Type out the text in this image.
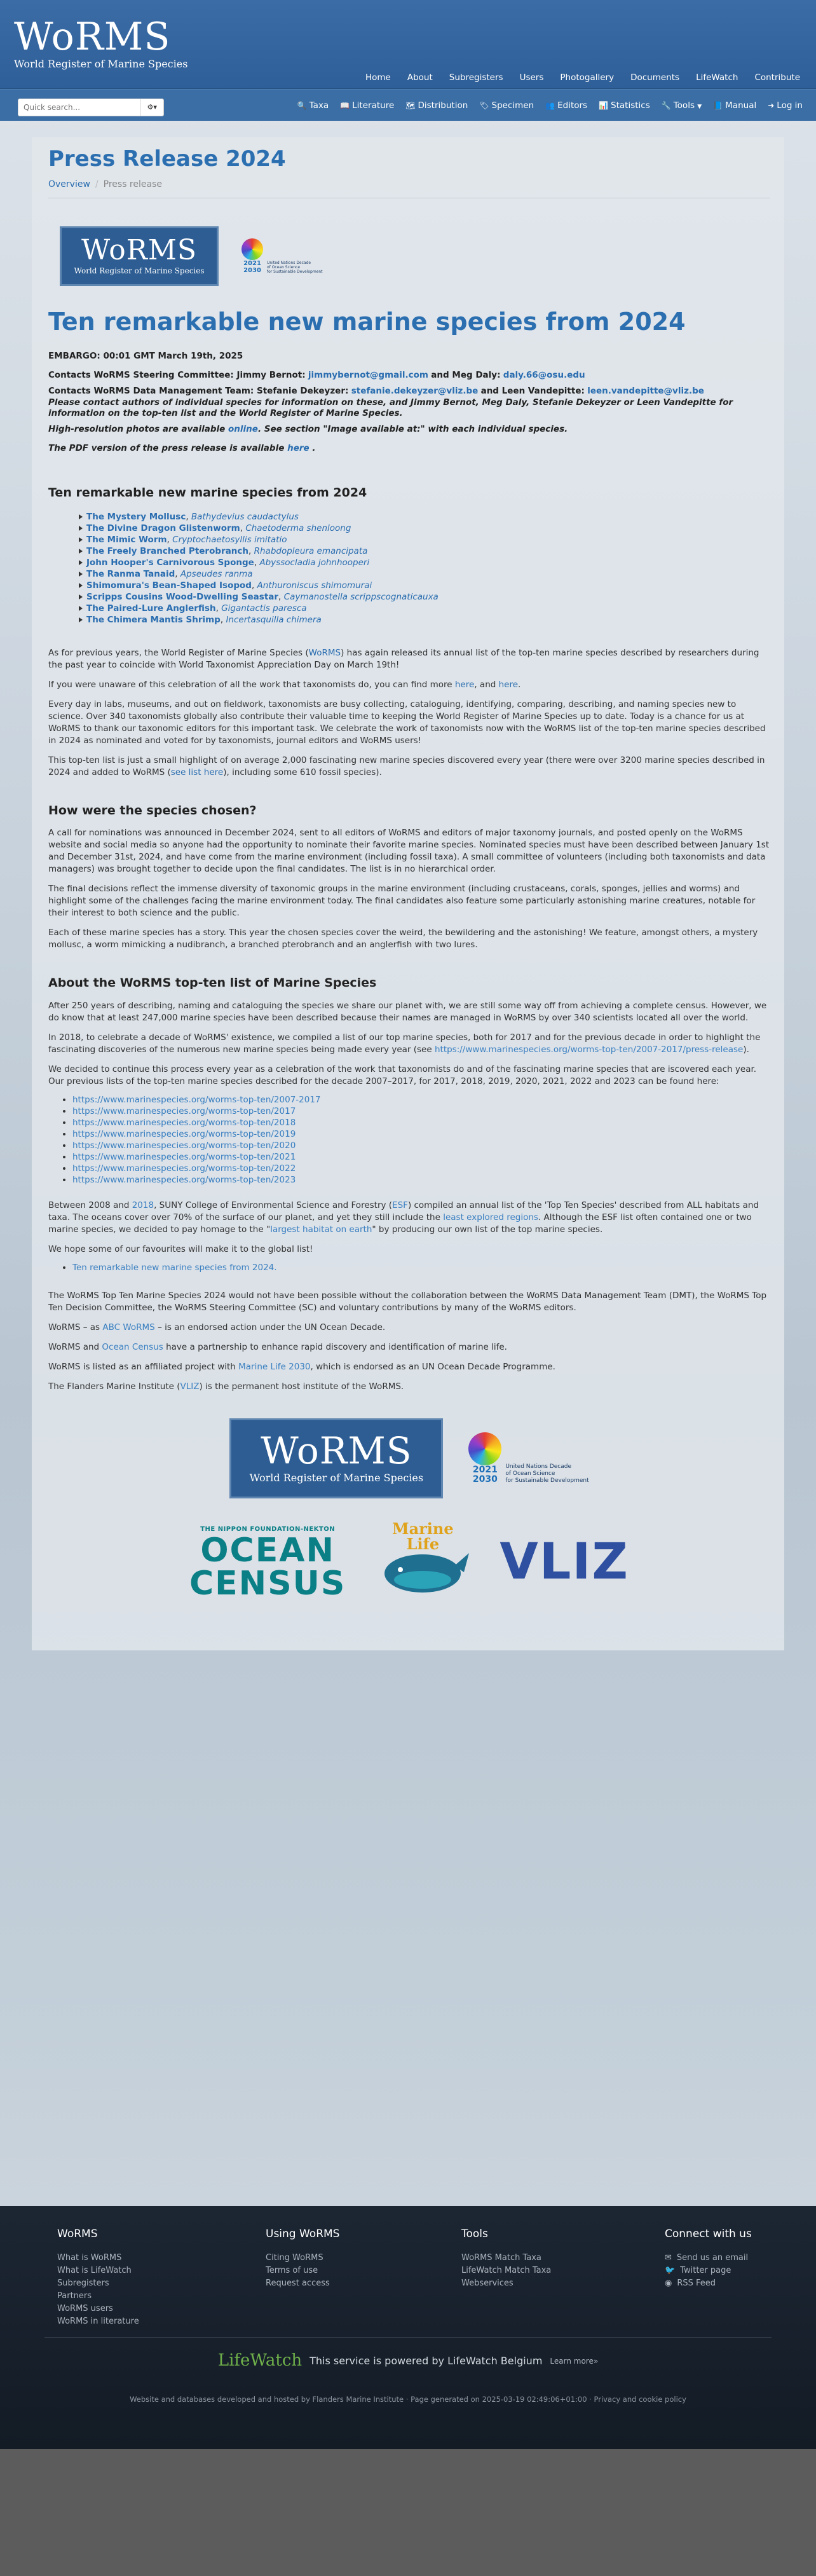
WoRMS
World Register of Marine Species
Home	About	Subregisters	Users	Photogallery	Documents	LifeWatch	Contribute
Quick search...
⚙▾	🔍 Taxa	📖 Literature	🗺 Distribution	🏷 Specimen	👥 Editors	📊 Statistics	🔧 Tools ▼	📘 Manual	➜ Log in
Press Release 2024
Overview / Press release
WoRMS
World Register of Marine Species
2021
2030
United Nations Decade
of Ocean Science
for Sustainable Development
Ten remarkable new marine species from 2024

EMBARGO: 00:01 GMT March 19th, 2025

Contacts WoRMS Steering Committee: Jimmy Bernot: jimmybernot@gmail.com and Meg Daly: daly.66@osu.edu

Contacts WoRMS Data Management Team: Stefanie Dekeyzer: stefanie.dekeyzer@vliz.be and Leen Vandepitte: leen.vandepitte@vliz.be

Please contact authors of individual species for information on these, and Jimmy Bernot, Meg Daly, Stefanie Dekeyzer or Leen Vandepitte for information on the top-ten list and the World Register of Marine Species.

High-resolution photos are available online. See section "Image available at:" with each individual species.

The PDF version of the press release is available here .

Ten remarkable new marine species from 2024
The Mystery Mollusc, Bathydevius caudactylus
The Divine Dragon Glistenworm, Chaetoderma shenloong
The Mimic Worm, Cryptochaetosyllis imitatio
The Freely Branched Pterobranch, Rhabdopleura emancipata
John Hooper's Carnivorous Sponge, Abyssocladia johnhooperi
The Ranma Tanaid, Apseudes ranma
Shimomura's Bean-Shaped Isopod, Anthuroniscus shimomurai
Scripps Cousins Wood-Dwelling Seastar, Caymanostella scrippscognaticauxa
The Paired-Lure Anglerfish, Gigantactis paresca
The Chimera Mantis Shrimp, Incertasquilla chimera

As for previous years, the World Register of Marine Species (WoRMS) has again released its annual list of the top-ten marine species described by researchers during the past year to coincide with World Taxonomist Appreciation Day on March 19th!

If you were unaware of this celebration of all the work that taxonomists do, you can find more here, and here.

Every day in labs, museums, and out on fieldwork, taxonomists are busy collecting, cataloguing, identifying, comparing, describing, and naming species new to science. Over 340 taxonomists globally also contribute their valuable time to keeping the World Register of Marine Species up to date. Today is a chance for us at WoRMS to thank our taxonomic editors for this important task. We celebrate the work of taxonomists now with the WoRMS list of the top-ten marine species described in 2024 as nominated and voted for by taxonomists, journal editors and WoRMS users!

This top-ten list is just a small highlight of on average 2,000 fascinating new marine species discovered every year (there were over 3200 marine species described in 2024 and added to WoRMS (see list here), including some 610 fossil species).

How were the species chosen?

A call for nominations was announced in December 2024, sent to all editors of WoRMS and editors of major taxonomy journals, and posted openly on the WoRMS website and social media so anyone had the opportunity to nominate their favorite marine species. Nominated species must have been described between January 1st and December 31st, 2024, and have come from the marine environment (including fossil taxa). A small committee of volunteers (including both taxonomists and data managers) was brought together to decide upon the final candidates. The list is in no hierarchical order.

The final decisions reflect the immense diversity of taxonomic groups in the marine environment (including crustaceans, corals, sponges, jellies and worms) and highlight some of the challenges facing the marine environment today. The final candidates also feature some particularly astonishing marine creatures, notable for their interest to both science and the public.

Each of these marine species has a story. This year the chosen species cover the weird, the bewildering and the astonishing! We feature, amongst others, a mystery mollusc, a worm mimicking a nudibranch, a branched pterobranch and an anglerfish with two lures.

About the WoRMS top-ten list of Marine Species

After 250 years of describing, naming and cataloguing the species we share our planet with, we are still some way off from achieving a complete census. However, we do know that at least 247,000 marine species have been described because their names are managed in WoRMS by over 340 scientists located all over the world.

In 2018, to celebrate a decade of WoRMS' existence, we compiled a list of our top marine species, both for 2017 and for the previous decade in order to highlight the fascinating discoveries of the numerous new marine species being made every year (see https://www.marinespecies.org/worms-top-ten/2007-2017/press-release).

We decided to continue this process every year as a celebration of the work that taxonomists do and of the fascinating marine species that are iscovered each year. Our previous lists of the top-ten marine species described for the decade 2007–2017, for 2017, 2018, 2019, 2020, 2021, 2022 and 2023 can be found here:

• https://www.marinespecies.org/worms-top-ten/2007-2017
• https://www.marinespecies.org/worms-top-ten/2017
• https://www.marinespecies.org/worms-top-ten/2018
• https://www.marinespecies.org/worms-top-ten/2019
• https://www.marinespecies.org/worms-top-ten/2020
• https://www.marinespecies.org/worms-top-ten/2021
• https://www.marinespecies.org/worms-top-ten/2022
• https://www.marinespecies.org/worms-top-ten/2023

Between 2008 and 2018, SUNY College of Environmental Science and Forestry (ESF) compiled an annual list of the 'Top Ten Species' described from ALL habitats and taxa. The oceans cover over 70% of the surface of our planet, and yet they still include the least explored regions. Although the ESF list often contained one or two marine species, we decided to pay homage to the "largest habitat on earth" by producing our own list of the top marine species.

We hope some of our favourites will make it to the global list!

• Ten remarkable new marine species from 2024.

The WoRMS Top Ten Marine Species 2024 would not have been possible without the collaboration between the WoRMS Data Management Team (DMT), the WoRMS Top Ten Decision Committee, the WoRMS Steering Committee (SC) and voluntary contributions by many of the WoRMS editors.

WoRMS – as ABC WoRMS – is an endorsed action under the UN Ocean Decade.

WoRMS and Ocean Census have a partnership to enhance rapid discovery and identification of marine life.

WoRMS is listed as an affiliated project with Marine Life 2030, which is endorsed as an UN Ocean Decade Programme.

The Flanders Marine Institute (VLIZ) is the permanent host institute of the WoRMS.

WoRMS
World Register of Marine Species
2021
2030
United Nations Decade
of Ocean Science
for Sustainable Development
THE NIPPON FOUNDATION-NEKTON
OCEAN
CENSUS
Marine
Life	VLIZ
WoRMS
What is WoRMS
What is LifeWatch
Subregisters
Partners
WoRMS users
WoRMS in literature
Using WoRMS
Citing WoRMS
Terms of use
Request access
Tools
WoRMS Match Taxa
LifeWatch Match Taxa
Webservices
Connect with us
✉ Send us an email
🐦 Twitter page
◉ RSS Feed
LifeWatch This service is powered by LifeWatch Belgium Learn more»
Website and databases developed and hosted by Flanders Marine Institute · Page generated on 2025-03-19 02:49:06+01:00 · Privacy and cookie policy
